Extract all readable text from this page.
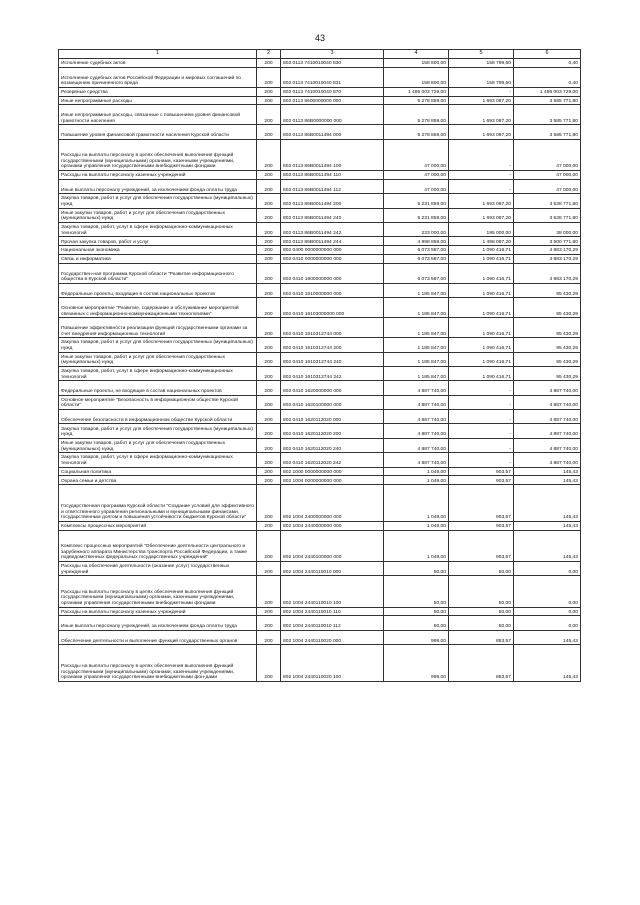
43
1	2	3	4	5	6
Исполнение судебных актов	200	802 0113 7410010040 830	158 800,00	158 799,60	0,40
Исполнение судебных актов Российской Федерации и мировых соглашений по возмещению причиненного вреда	200	802 0113 7410010040 831	158 800,00	158 799,60	0,40
Резервные средства	200	802 0113 7410010040 870	1 495 003 729,00	-	1 495 003 729,00
Иные непрограммные расходы	200	802 0113 8600000000 000	5 278 859,00	1 693 087,20	3 585 771,80
Иные непрограммные расходы, связанные с повышением уровня финансовой грамотности населения	200	802 0113 86B0000000 000	5 278 859,00	1 693 087,20	3 585 771,80
Повышение уровня финансовой грамотности населения Курской области	200	802 0113 86B0011494 000	5 278 859,00	1 693 087,20	3 585 771,80
Расходы на выплаты персоналу в целях обеспечения выполнения функций государственными (муниципальными) органами, казенными учреждениями, органами управления государственными внебюджетными фондами	200	802 0113 86B0011494 100	47 000,00	-	47 000,00
Расходы на выплаты персоналу казенных учреждений	200	802 0113 86B0011494 110	47 000,00	-	47 000,00
Иные выплаты персоналу учреждений, за исключением фонда оплаты труда	200	802 0113 86B0011494 112	47 000,00	-	47 000,00
Закупка товаров, работ и услуг для обеспечения государственных (муниципальных) нужд	200	802 0113 86B0011494 200	5 231 859,00	1 693 087,20	3 538 771,80
Иные закупки товаров, работ и услуг для обеспечения государственных (муниципальных) нужд	200	802 0113 86B0011494 240	5 231 859,00	1 693 087,20	3 538 771,80
Закупка товаров, работ, услуг в сфере информационно-коммуникационных технологий	200	802 0113 86B0011494 242	233 000,00	195 000,00	38 000,00
Прочая закупка товаров, работ и услуг	200	802 0113 86B0011494 244	4 998 859,00	1 498 087,20	3 500 771,80
Национальная экономика	200	802 0400 0000000000 000	6 073 587,00	1 090 416,71	4 983 170,29
Связь и информатика	200	802 0410 0000000000 000	6 073 587,00	1 090 416,71	4 983 170,29
Государствен-ная программа Курской области "Развитие информационного общества в Курской области"	200	802 0410 1600000000 000	6 073 587,00	1 090 416,71	4 983 170,29
Федеральные проекты, входящие в состав национальных проектов	200	802 0410 1610000000 000	1 185 847,00	1 090 416,71	95 430,29
Основное мероприятие "Развитие, содержание и обслуживание мероприятий связанных с информационно-коммуникационными технологиями"	200	802 0410 16103000000 000	1 185 847,00	1 090 416,71	95 430,29
Повышение эффективности реализации функций государственными органами за счет внедрения информационных технологий	200	802 0410 1610312744 000	1 185 847,00	1 090 416,71	95 430,29
Закупка товаров, работ и услуг для обеспечения государственных (муниципальных) нужд	200	802 0410 1610312744 200	1 185 847,00	1 090 416,71	95 430,29
Иные закупки товаров, работ и услуг для обеспечения государственных (муниципальных) нужд	200	802 0410 1610312744 240	1 185 847,00	1 090 416,71	95 430,29
Закупка товаров, работ, услуг в сфере информационно-коммуникационных технологий	200	802 0410 1610312744 242	1 185 847,00	1 090 416,71	95 430,29
Федеральные проекты, не входящие в состав национальных проектов	200	802 0410 1620000000 000	4 887 740,00	-	4 887 740,00
Основное мероприятие "Безопасность в информационном обществе Курской области"	200	802 0410 1620100000 000	4 887 740,00	-	4 887 740,00
Обеспечение безопасности в информационном обществе Курской области	200	802 0410 1620112020 000	4 887 740,00	-	4 887 740,00
Закупка товаров, работ и услуг для обеспечения государственных (муниципальных) нужд	200	802 0410 1620112020 200	4 887 740,00	-	4 887 740,00
Иные закупки товаров, работ и услуг для обеспечения государственных (муниципальных) нужд	200	802 0410 1620112020 240	4 887 740,00	-	4 887 740,00
Закупка товаров, работ, услуг в сфере информационно-коммуникационных технологий	200	802 0410 1620112020 242	4 887 740,00	-	4 887 740,00
Социальная политика	200	802 1000 0000000000 000	1 049,00	903,57	145,43
Охрана семьи и детства	200	802 1004 0000000000 000	1 049,00	903,57	145,43
Государственная программа Курской области "Создание условий для эффективного и ответственного управления региональными и муниципальными финансами, государственным долгом и повышения устойчивости бюджетов Курской области"	200	802 1004 2400000000 000	1 049,00	903,57	145,43
Комплексы процессных мероприятий	200	802 1004 2440000000 000	1 049,00	903,57	145,43
Комплекс процессных мероприятий "Обеспечение деятельности центрального и зарубежного аппарата Министерства транспорта Российской Федерации, а также подведомственных федеральных государственных учреждений"	200	802 1004 2440100000 000	1 049,00	903,57	145,43
Расходы на обеспечение деятельности (оказание услуг) государственных учреждений	200	802 1004 2440110010 000	50,00	50,00	0,00
Расходы на выплаты персоналу в целях обеспечения выполнения функций государственными (муниципальными) органами, казенными учреждениями, органами управления государственными внебюджетными фондами	200	802 1004 2440110010 100	50,00	50,00	0,00
Расходы на выплаты персоналу казенных учреждений	200	802 1004 2440110010 110	50,00	50,00	0,00
Иные выплаты персоналу учреждений, за исключением фонда оплаты труда	200	802 1004 2440110010 112	50,00	50,00	0,00
Обеспечение деятельности и выполнение функций государственных органов	200	802 1004 2440110020 000	999,00	853,57	145,43
Расходы на выплаты персоналу в целях обеспечения выполнения функций государственными (муниципальными) органами, казенными учреждениями, органами управления государственными внебюджетными фон-дами	200	802 1004 2440110020 100	999,00	853,57	145,43
